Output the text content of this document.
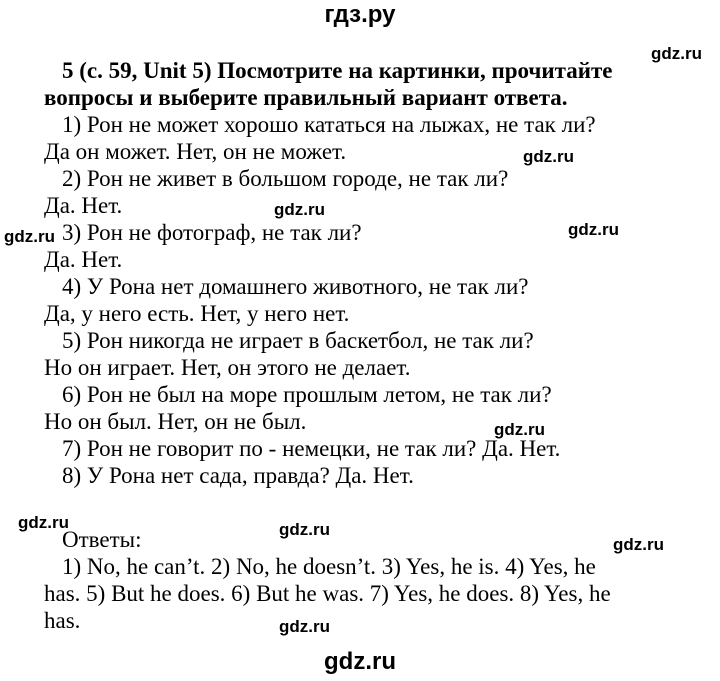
гдз.ру
5 (с. 59, Unit 5) Посмотрите на картинки, прочитайте
вопросы и выберите правильный вариант ответа.
1) Рон не может хорошо кататься на лыжах, не так ли?
Да он может. Нет, он не может.
2) Рон не живет в большом городе, не так ли?
Да. Нет.
3) Рон не фотограф, не так ли?
Да. Нет.
4) У Рона нет домашнего животного, не так ли?
Да, у него есть. Нет, у него нет.
5) Рон никогда не играет в баскетбол, не так ли?
Но он играет. Нет, он этого не делает.
6) Рон не был на море прошлым летом, не так ли?
Но он был. Нет, он не был.
7) Рон не говорит по - немецки, не так ли? Да. Нет.
8) У Рона нет сада, правда? Да. Нет.
Ответы:
1) No, he can’t. 2) No, he doesn’t. 3) Yes, he is. 4) Yes, he
has. 5) But he does. 6) But he was. 7) Yes, he does. 8) Yes, he
has.
gdz.ru
gdz.ru
gdz.ru
gdz.ru	gdz.ru
gdz.ru
gdz.ru	gdz.ru
gdz.ru
gdz.ru
gdz.ru
